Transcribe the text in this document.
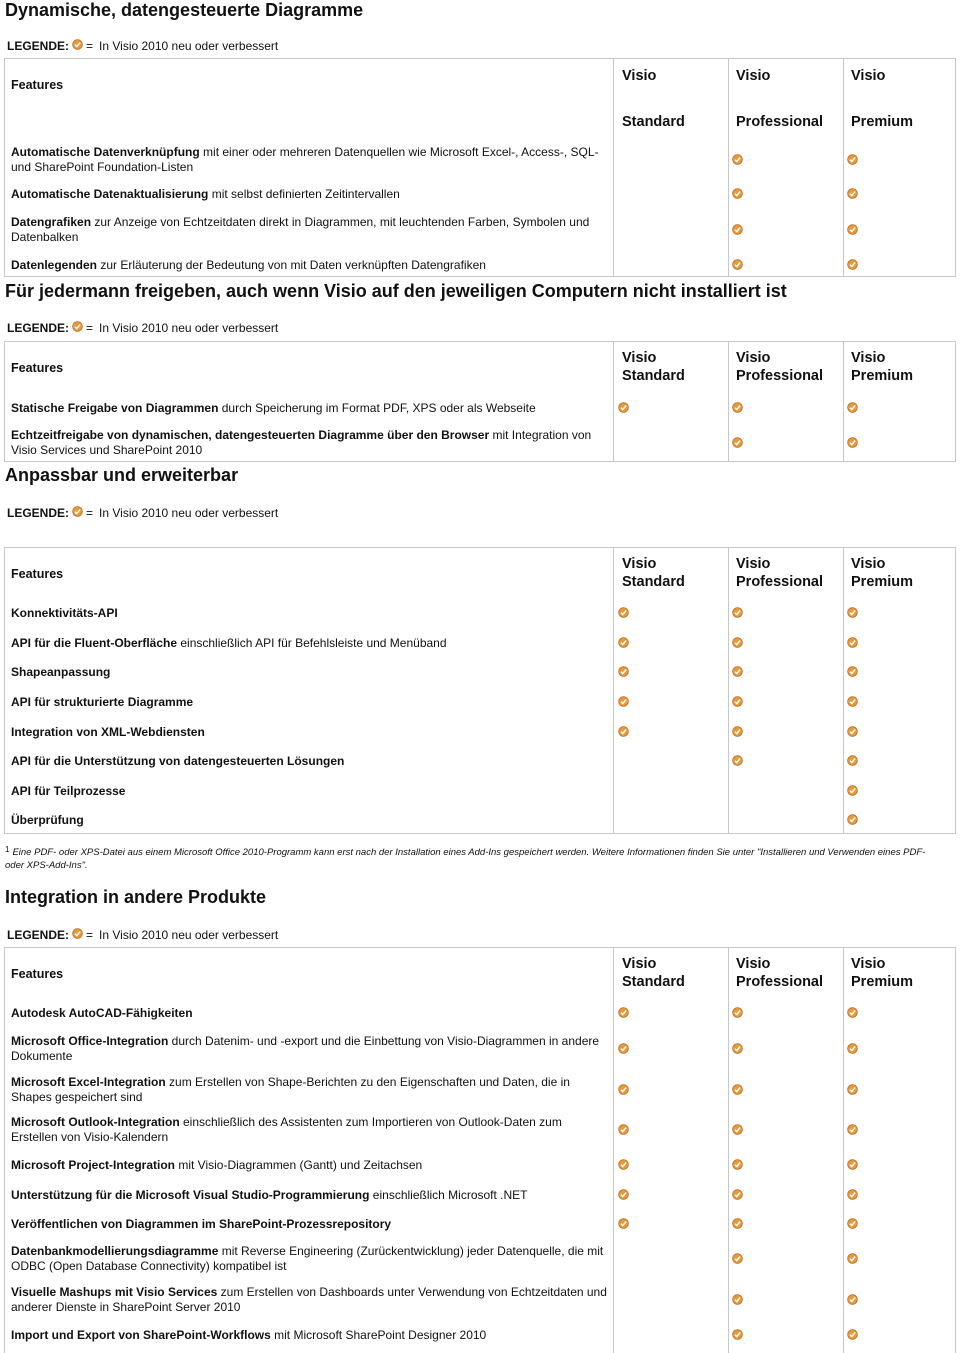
Dynamische, datengesteuerte Diagramme
LEGENDE: = In Visio 2010 neu oder verbessert
Features
Visio
Standard
Visio
Professional
Visio
Premium
Automatische Datenverknüpfung mit einer oder mehreren Datenquellen wie Microsoft Excel-, Access-, SQL- und SharePoint Foundation-Listen
Automatische Datenaktualisierung mit selbst definierten Zeitintervallen
Datengrafiken zur Anzeige von Echtzeitdaten direkt in Diagrammen, mit leuchtenden Farben, Symbolen und Datenbalken
Datenlegenden zur Erläuterung der Bedeutung von mit Daten verknüpften Datengrafiken
Für jedermann freigeben, auch wenn Visio auf den jeweiligen Computern nicht installiert ist
LEGENDE: = In Visio 2010 neu oder verbessert
Features
Visio
Standard
Visio
Professional
Visio
Premium
Statische Freigabe von Diagrammen durch Speicherung im Format PDF, XPS oder als Webseite
Echtzeitfreigabe von dynamischen, datengesteuerten Diagramme über den Browser mit Integration von Visio Services und SharePoint 2010
Anpassbar und erweiterbar
LEGENDE: = In Visio 2010 neu oder verbessert
Features
Visio
Standard
Visio
Professional
Visio
Premium
Konnektivitäts-API
API für die Fluent-Oberfläche einschließlich API für Befehlsleiste und Menüband
Shapeanpassung
API für strukturierte Diagramme
Integration von XML-Webdiensten
API für die Unterstützung von datengesteuerten Lösungen
API für Teilprozesse
Überprüfung
$^1$ Eine PDF- oder XPS-Datei aus einem Microsoft Office 2010-Programm kann erst nach der Installation eines Add-Ins gespeichert werden. Weitere Informationen finden Sie unter "Installieren und Verwenden eines PDF- oder XPS-Add-Ins".
Integration in andere Produkte
LEGENDE: = In Visio 2010 neu oder verbessert
Features
Visio
Standard
Visio
Professional
Visio
Premium
Autodesk AutoCAD-Fähigkeiten
Microsoft Office-Integration durch Datenim- und -export und die Einbettung von Visio-Diagrammen in andere Dokumente
Microsoft Excel-Integration zum Erstellen von Shape-Berichten zu den Eigenschaften und Daten, die in Shapes gespeichert sind
Microsoft Outlook-Integration einschließlich des Assistenten zum Importieren von Outlook-Daten zum Erstellen von Visio-Kalendern
Microsoft Project-Integration mit Visio-Diagrammen (Gantt) und Zeitachsen
Unterstützung für die Microsoft Visual Studio-Programmierung einschließlich Microsoft .NET
Veröffentlichen von Diagrammen im SharePoint-Prozessrepository
Datenbankmodellierungsdiagramme mit Reverse Engineering (Zurückentwicklung) jeder Datenquelle, die mit ODBC (Open Database Connectivity) kompatibel ist
Visuelle Mashups mit Visio Services zum Erstellen von Dashboards unter Verwendung von Echtzeitdaten und anderer Dienste in SharePoint Server 2010
Import und Export von SharePoint-Workflows mit Microsoft SharePoint Designer 2010
